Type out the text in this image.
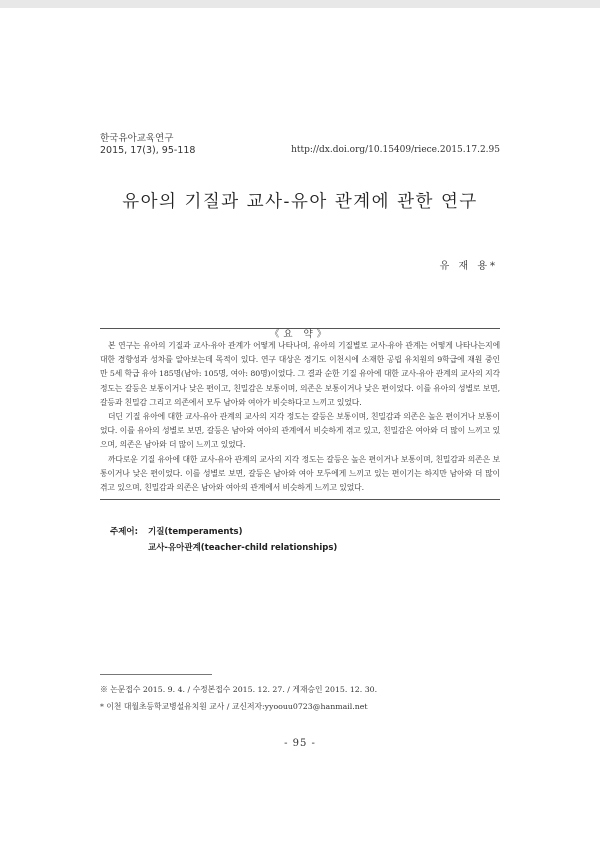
한국유아교육연구
2015, 17(3), 95-118	http://dx.doi.org/10.15409/riece.2015.17.2.95
유아의 기질과 교사-유아 관계에 관한 연구
유 재 용*
《요 약》

본 연구는 유아의 기질과 교사-유아 관계가 어떻게 나타나며, 유아의 기질별로 교사-유아 관계는 어떻게 나타나는지에 대한 경향성과 성차를 알아보는데 목적이 있다. 연구 대상은 경기도 이천시에 소재한 공립 유치원의 9학급에 재원 중인 만 5세 학급 유아 185명(남아: 105명, 여아: 80명)이었다. 그 결과 순한 기질 유아에 대한 교사-유아 관계의 교사의 지각 정도는 갈등은 보통이거나 낮은 편이고, 친밀감은 보통이며, 의존은 보통이거나 낮은 편이었다. 이를 유아의 성별로 보면, 갈등과 친밀감 그리고 의존에서 모두 남아와 여아가 비슷하다고 느끼고 있었다.

더딘 기질 유아에 대한 교사-유아 관계의 교사의 지각 정도는 갈등은 보통이며, 친밀감과 의존은 높은 편이거나 보통이었다. 이를 유아의 성별로 보면, 갈등은 남아와 여아의 관계에서 비슷하게 겪고 있고, 친밀감은 여아와 더 많이 느끼고 있으며, 의존은 남아와 더 많이 느끼고 있었다.

까다로운 기질 유아에 대한 교사-유아 관계의 교사의 지각 정도는 갈등은 높은 편이거나 보통이며, 친밀감과 의존은 보통이거나 낮은 편이었다. 이를 성별로 보면, 갈등은 남아와 여아 모두에게 느끼고 있는 편이기는 하지만 남아와 더 많이 겪고 있으며, 친밀감과 의존은 남아와 여아의 관계에서 비슷하게 느끼고 있었다.

주제어: 기질(temperaments)
교사-유아관계(teacher-child relationships)
※ 논문접수 2015. 9. 4. / 수정본접수 2015. 12. 27. / 게재승인 2015. 12. 30.
* 이천 대월초등학교병설유치원 교사 / 교신저자:yyoouu0723@hanmail.net
- 95 -
